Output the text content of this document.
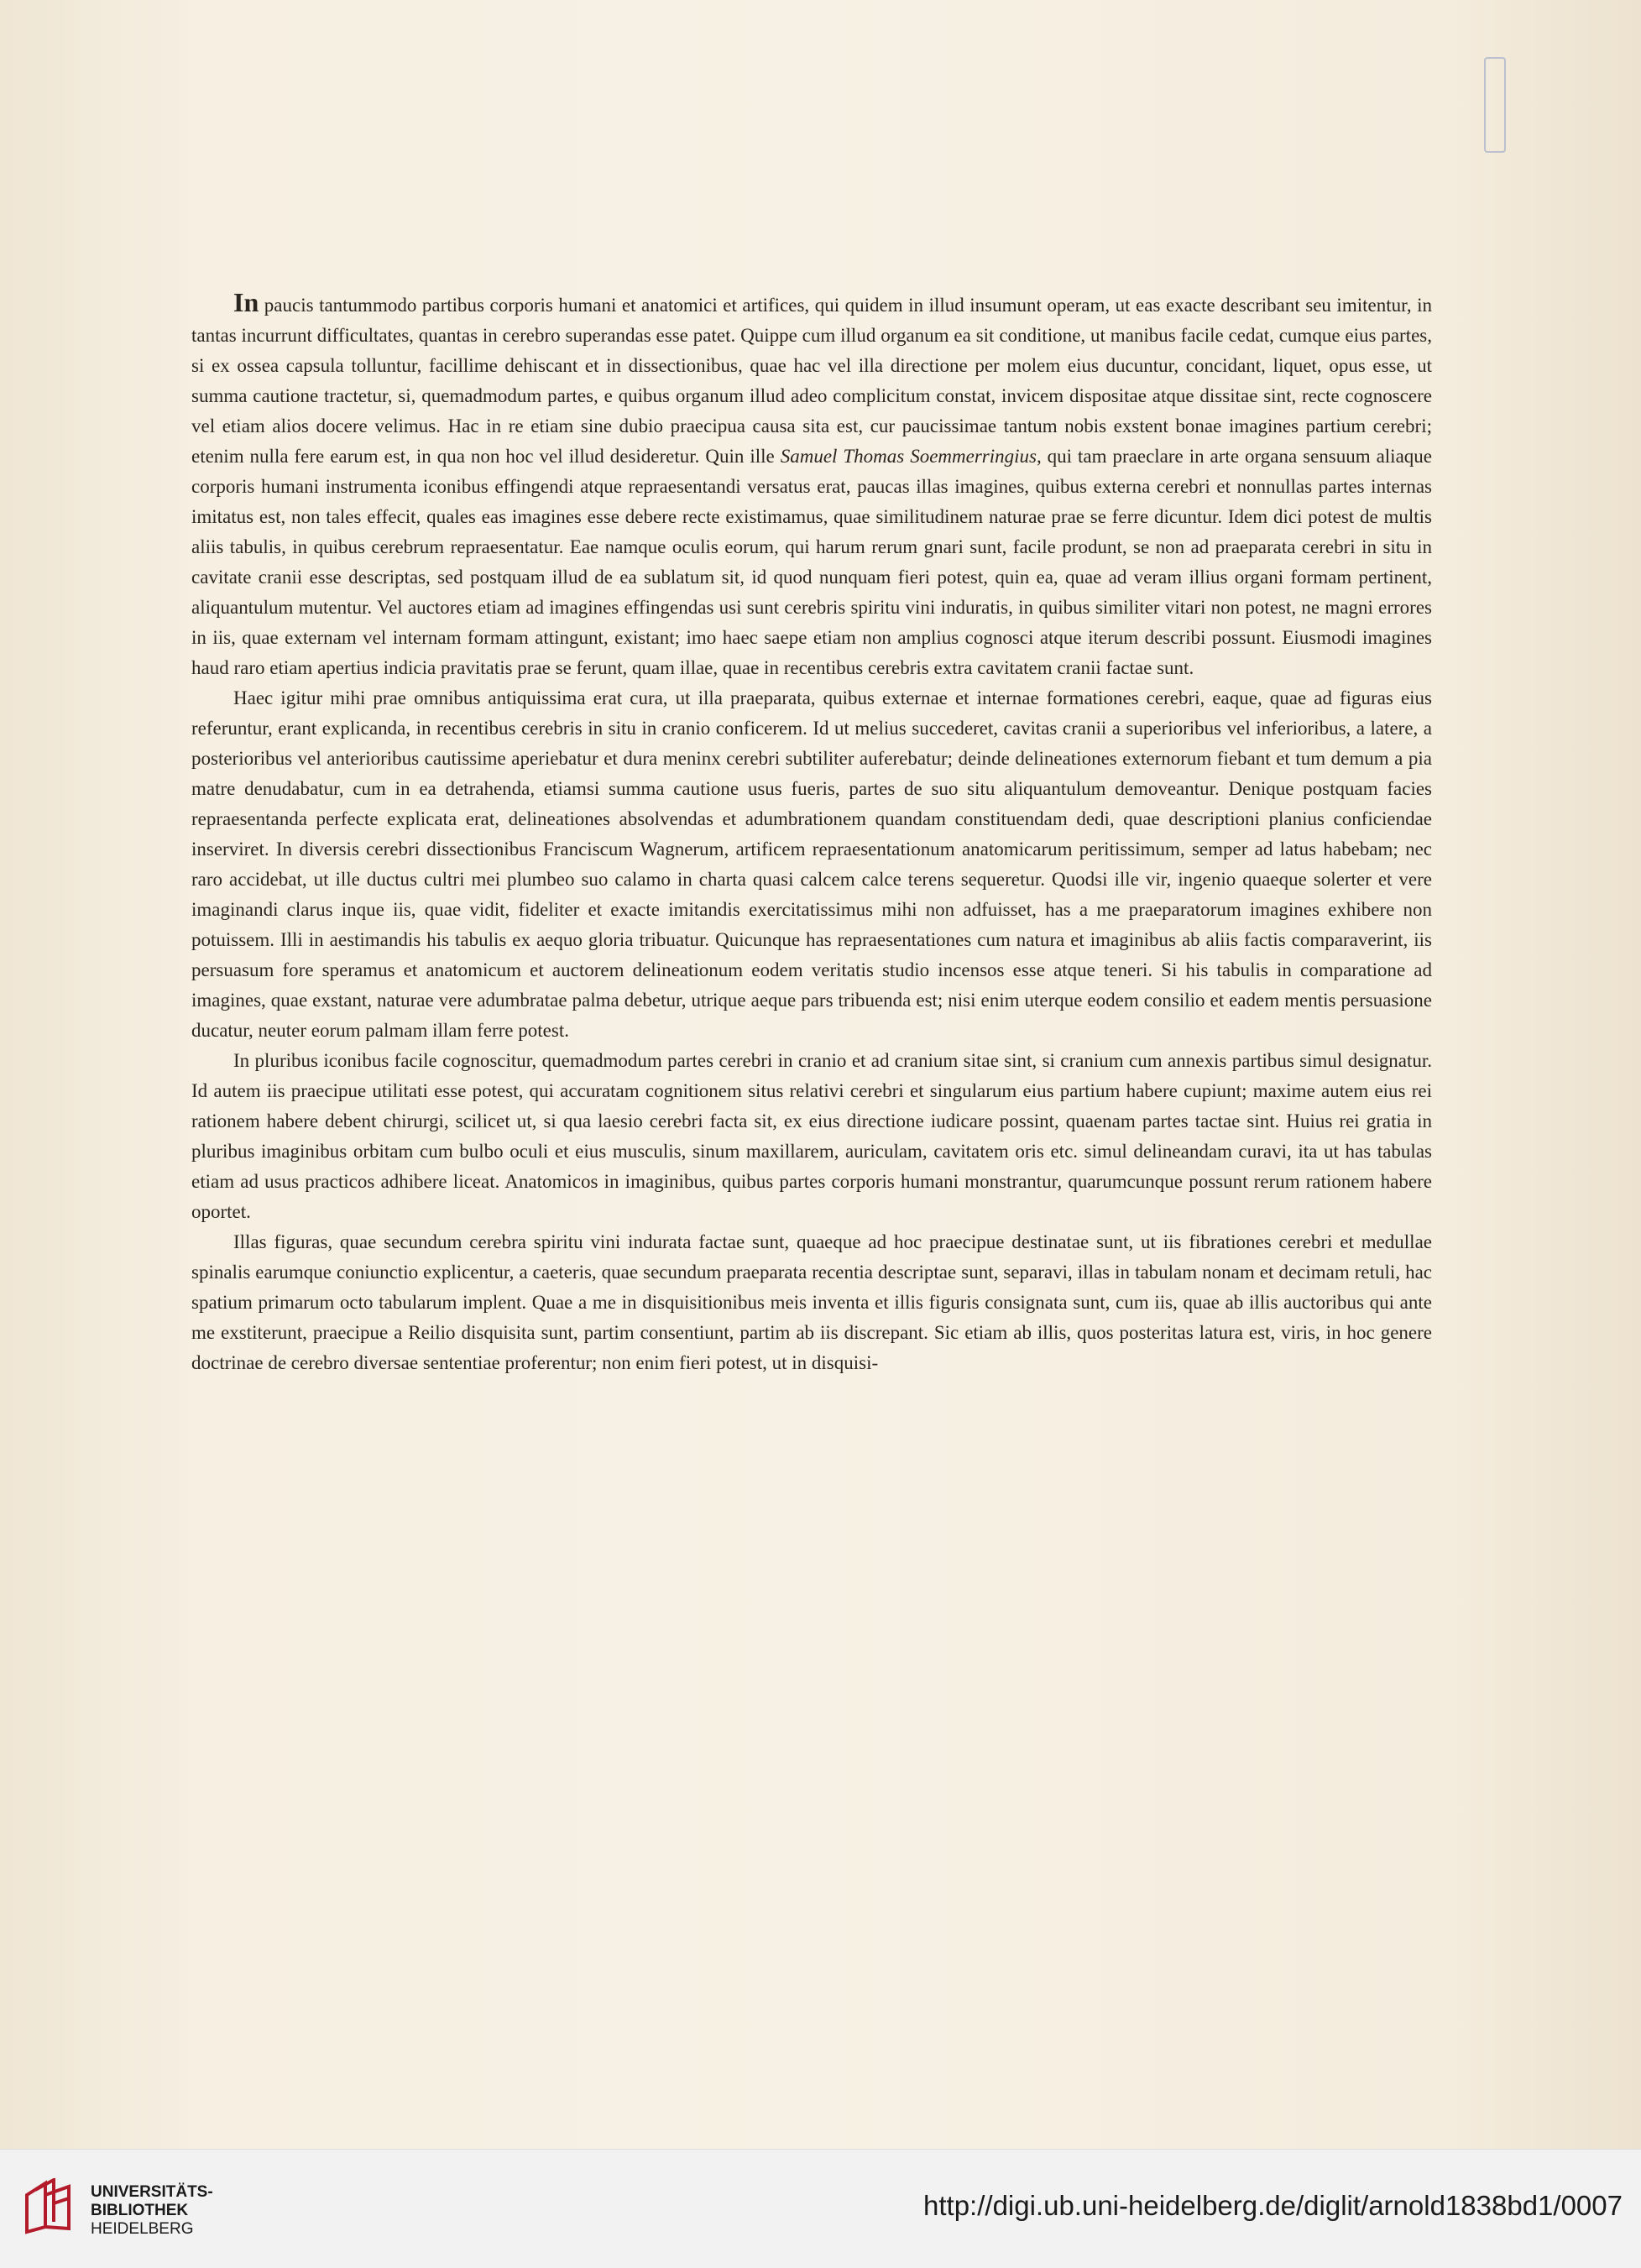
In paucis tantummodo partibus corporis humani et anatomici et artifices, qui quidem in illud insumunt operam, ut eas exacte describant seu imitentur, in tantas incurrunt difficultates, quantas in cerebro superandas esse patet. Quippe cum illud organum ea sit conditione, ut manibus facile cedat, cumque eius partes, si ex ossea capsula tolluntur, facillime dehiscant et in dissectionibus, quae hac vel illa directione per molem eius ducuntur, concidant, liquet, opus esse, ut summa cautione tractetur, si, quemadmodum partes, e quibus organum illud adeo complicitum constat, invicem dispositae atque dissitae sint, recte cognoscere vel etiam alios docere velimus. Hac in re etiam sine dubio praecipua causa sita est, cur paucissimae tantum nobis exstent bonae imagines partium cerebri; etenim nulla fere earum est, in qua non hoc vel illud desideretur. Quin ille Samuel Thomas Soemmerringius, qui tam praeclare in arte organa sensuum aliaque corporis humani instrumenta iconibus effingendi atque repraesentandi versatus erat, paucas illas imagines, quibus externa cerebri et nonnullas partes internas imitatus est, non tales effecit, quales eas imagines esse debere recte existimamus, quae similitudinem naturae prae se ferre dicuntur. Idem dici potest de multis aliis tabulis, in quibus cerebrum repraesentatur. Eae namque oculis eorum, qui harum rerum gnari sunt, facile produnt, se non ad praeparata cerebri in situ in cavitate cranii esse descriptas, sed postquam illud de ea sublatum sit, id quod nunquam fieri potest, quin ea, quae ad veram illius organi formam pertinent, aliquantulum mutentur. Vel auctores etiam ad imagines effingendas usi sunt cerebris spiritu vini induratis, in quibus similiter vitari non potest, ne magni errores in iis, quae externam vel internam formam attingunt, existant; imo haec saepe etiam non amplius cognosci atque iterum describi possunt. Eiusmodi imagines haud raro etiam apertius indicia pravitatis prae se ferunt, quam illae, quae in recentibus cerebris extra cavitatem cranii factae sunt.

Haec igitur mihi prae omnibus antiquissima erat cura, ut illa praeparata, quibus externae et internae formationes cerebri, eaque, quae ad figuras eius referuntur, erant explicanda, in recentibus cerebris in situ in cranio conficerem. Id ut melius succederet, cavitas cranii a superioribus vel inferioribus, a latere, a posterioribus vel anterioribus cautissime aperiebatur et dura meninx cerebri subtiliter auferebatur; deinde delineationes externorum fiebant et tum demum a pia matre denudabatur, cum in ea detrahenda, etiamsi summa cautione usus fueris, partes de suo situ aliquantulum demoveantur. Denique postquam facies repraesentanda perfecte explicata erat, delineationes absolvendas et adumbrationem quandam constituendam dedi, quae descriptioni planius conficiendae inserviret. In diversis cerebri dissectionibus Franciscum Wagnerum, artificem repraesentationum anatomicarum peritissimum, semper ad latus habebam; nec raro accidebat, ut ille ductus cultri mei plumbeo suo calamo in charta quasi calcem calce terens sequeretur. Quodsi ille vir, ingenio quaeque solerter et vere imaginandi clarus inque iis, quae vidit, fideliter et exacte imitandis exercitatissimus mihi non adfuisset, has a me praeparatorum imagines exhibere non potuissem. Illi in aestimandis his tabulis ex aequo gloria tribuatur. Quicunque has repraesentationes cum natura et imaginibus ab aliis factis comparaverint, iis persuasum fore speramus et anatomicum et auctorem delineationum eodem veritatis studio incensos esse atque teneri. Si his tabulis in comparatione ad imagines, quae exstant, naturae vere adumbratae palma debetur, utrique aeque pars tribuenda est; nisi enim uterque eodem consilio et eadem mentis persuasione ducatur, neuter eorum palmam illam ferre potest.

In pluribus iconibus facile cognoscitur, quemadmodum partes cerebri in cranio et ad cranium sitae sint, si cranium cum annexis partibus simul designatur. Id autem iis praecipue utilitati esse potest, qui accuratam cognitionem situs relativi cerebri et singularum eius partium habere cupiunt; maxime autem eius rei rationem habere debent chirurgi, scilicet ut, si qua laesio cerebri facta sit, ex eius directione iudicare possint, quaenam partes tactae sint. Huius rei gratia in pluribus imaginibus orbitam cum bulbo oculi et eius musculis, sinum maxillarem, auriculam, cavitatem oris etc. simul delineandam curavi, ita ut has tabulas etiam ad usus practicos adhibere liceat. Anatomicos in imaginibus, quibus partes corporis humani monstrantur, quarumcunque possunt rerum rationem habere oportet.

Illas figuras, quae secundum cerebra spiritu vini indurata factae sunt, quaeque ad hoc praecipue destinatae sunt, ut iis fibrationes cerebri et medullae spinalis earumque coniunctio explicentur, a caeteris, quae secundum praeparata recentia descriptae sunt, separavi, illas in tabulam nonam et decimam retuli, hac spatium primarum octo tabularum implent. Quae a me in disquisitionibus meis inventa et illis figuris consignata sunt, cum iis, quae ab illis auctoribus qui ante me exstiterunt, praecipue a Reilio disquisita sunt, partim consentiunt, partim ab iis discrepant. Sic etiam ab illis, quos posteritas latura est, viris, in hoc genere doctrinae de cerebro diversae sententiae proferentur; non enim fieri potest, ut in disquisi-

UNIVERSITÄTS-
BIBLIOTHEK
HEIDELBERG
http://digi.ub.uni-heidelberg.de/diglit/arnold1838bd1/0007
